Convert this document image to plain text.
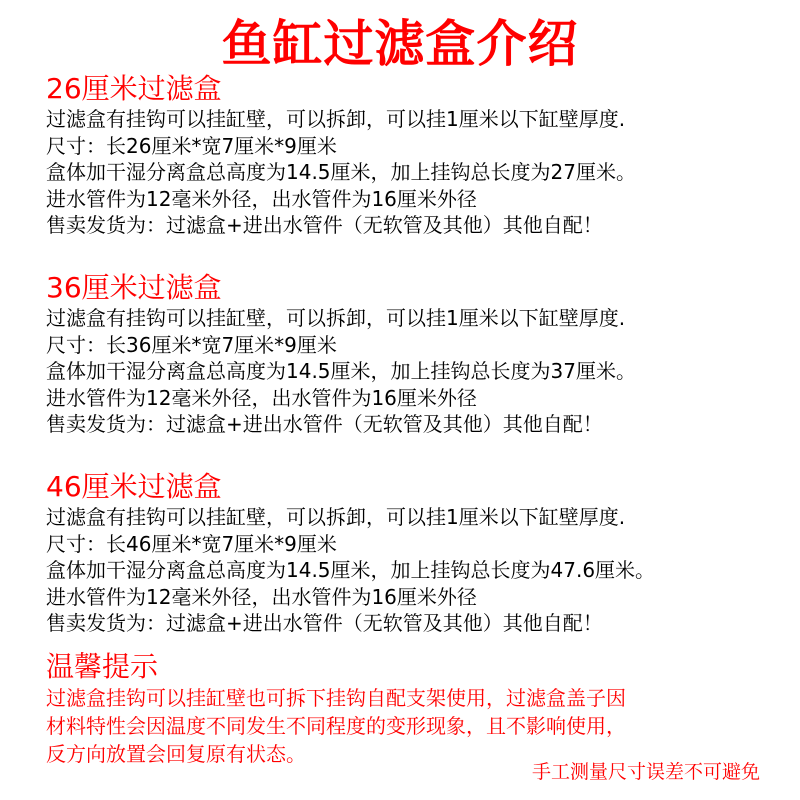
鱼缸过滤盒介绍
26厘米过滤盒
过滤盒有挂钩可以挂缸壁，可以拆卸，可以挂1厘米以下缸壁厚度.
尺寸：长26厘米*宽7厘米*9厘米
盒体加干湿分离盒总高度为14.5厘米，加上挂钩总长度为27厘米。
进水管件为12毫米外径，出水管件为16厘米外径
售卖发货为：过滤盒+进出水管件（无软管及其他）其他自配！
36厘米过滤盒
过滤盒有挂钩可以挂缸壁，可以拆卸，可以挂1厘米以下缸壁厚度.
尺寸：长36厘米*宽7厘米*9厘米
盒体加干湿分离盒总高度为14.5厘米，加上挂钩总长度为37厘米。
进水管件为12毫米外径，出水管件为16厘米外径
售卖发货为：过滤盒+进出水管件（无软管及其他）其他自配！
46厘米过滤盒
过滤盒有挂钩可以挂缸壁，可以拆卸，可以挂1厘米以下缸壁厚度.
尺寸：长46厘米*宽7厘米*9厘米
盒体加干湿分离盒总高度为14.5厘米，加上挂钩总长度为47.6厘米。
进水管件为12毫米外径，出水管件为16厘米外径
售卖发货为：过滤盒+进出水管件（无软管及其他）其他自配！
温馨提示
过滤盒挂钩可以挂缸壁也可拆下挂钩自配支架使用，过滤盒盖子因
材料特性会因温度不同发生不同程度的变形现象，且不影响使用，
反方向放置会回复原有状态。
手工测量尺寸误差不可避免
